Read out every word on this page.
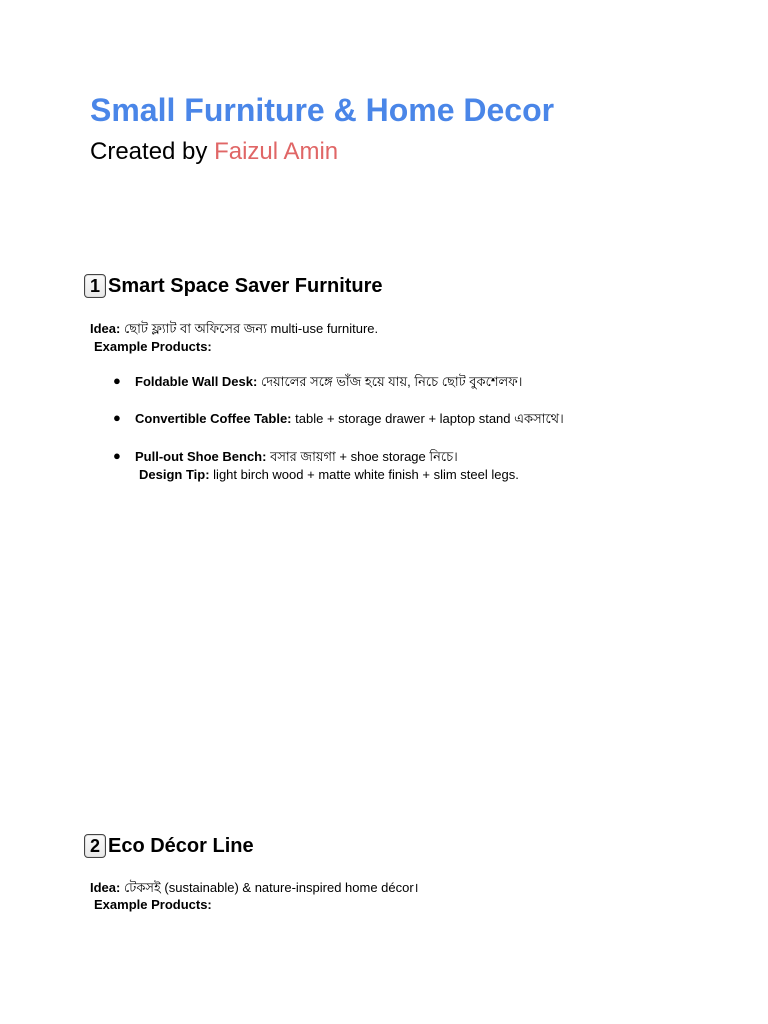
Small Furniture & Home Decor

Created by Faizul Amin

1 Smart Space Saver Furniture

Idea: ছোট ফ্ল্যাট বা অফিসের জন্য multi-use furniture.

Example Products:

● Foldable Wall Desk: দেয়ালের সঙ্গে ভাঁজ হয়ে যায়, নিচে ছোট বুকশেলফ।

● Convertible Coffee Table: table + storage drawer + laptop stand একসাথে।

● Pull-out Shoe Bench: বসার জায়গা + shoe storage নিচে।

Design Tip: light birch wood + matte white finish + slim steel legs.

2 Eco Décor Line

Idea: টেকসই (sustainable) & nature-inspired home décor।

Example Products:
